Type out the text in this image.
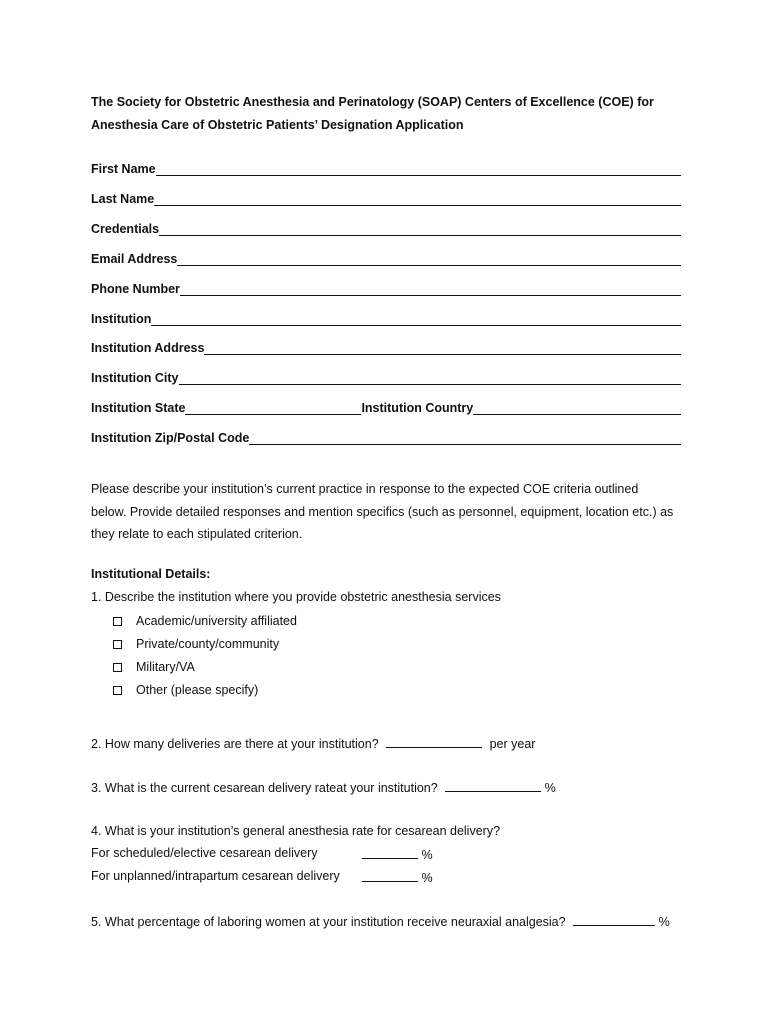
The Society for Obstetric Anesthesia and Perinatology (SOAP) Centers of Excellence (COE) for
Anesthesia Care of Obstetric Patients’ Designation Application
First Name
Last Name
Credentials
Email Address
Phone Number
Institution
Institution Address
Institution City
Institution State	Institution Country
Institution Zip/Postal Code
Please describe your institution’s current practice in response to the expected COE criteria outlined
below. Provide detailed responses and mention specifics (such as personnel, equipment, location etc.) as
they relate to each stipulated criterion.
Institutional Details:
1. Describe the institution where you provide obstetric anesthesia services
Academic/university affiliated
Private/county/community
Military/VA
Other (please specify)
2. How many deliveries are there at your institution?	per year
3. What is the current cesarean delivery rateat your institution?	%
4. What is your institution’s general anesthesia rate for cesarean delivery?
For scheduled/elective cesarean delivery	%
For unplanned/intrapartum cesarean delivery	%
5. What percentage of laboring women at your institution receive neuraxial analgesia?	%
